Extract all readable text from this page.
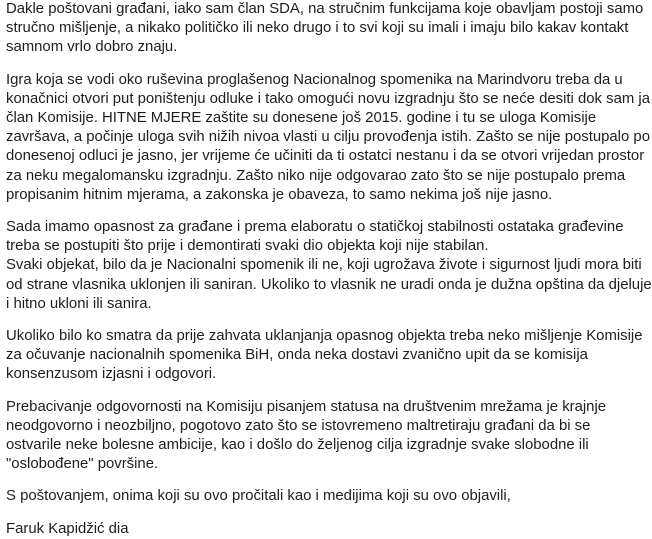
Dakle poštovani građani, iako sam član SDA, na stručnim funkcijama koje obavljam postoji samo

stručno mišljenje, a nikako političko ili neko drugo i to svi koji su imali i imaju bilo kakav kontakt

samnom vrlo dobro znaju.

Igra koja se vodi oko ruševina proglašenog Nacionalnog spomenika na Marindvoru treba da u

konačnici otvori put poništenju odluke i tako omogući novu izgradnju što se neće desiti dok sam ja

član Komisije. HITNE MJERE zaštite su donesene još 2015. godine i tu se uloga Komisije

završava, a počinje uloga svih nižih nivoa vlasti u cilju provođenja istih. Zašto se nije postupalo po

donesenoj odluci je jasno, jer vrijeme će učiniti da ti ostatci nestanu i da se otvori vrijedan prostor

za neku megalomansku izgradnju. Zašto niko nije odgovarao zato što se nije postupalo prema

propisanim hitnim mjerama, a zakonska je obaveza, to samo nekima još nije jasno.

Sada imamo opasnost za građane i prema elaboratu o statičkoj stabilnosti ostataka građevine

treba se postupiti što prije i demontirati svaki dio objekta koji nije stabilan.

Svaki objekat, bilo da je Nacionalni spomenik ili ne, koji ugrožava živote i sigurnost ljudi mora biti

od strane vlasnika uklonjen ili saniran. Ukoliko to vlasnik ne uradi onda je dužna opština da djeluje

i hitno ukloni ili sanira.

Ukoliko bilo ko smatra da prije zahvata uklanjanja opasnog objekta treba neko mišljenje Komisije

za očuvanje nacionalnih spomenika BiH, onda neka dostavi zvanično upit da se komisija

konsenzusom izjasni i odgovori.

Prebacivanje odgovornosti na Komisiju pisanjem statusa na društvenim mrežama je krajnje

neodgovorno i neozbiljno, pogotovo zato što se istovremeno maltretiraju građani da bi se

ostvarile neke bolesne ambicije, kao i došlo do željenog cilja izgradnje svake slobodne ili

"oslobođene" površine.

S poštovanjem, onima koji su ovo pročitali kao i medijima koji su ovo objavili,

Faruk Kapidžić dia
